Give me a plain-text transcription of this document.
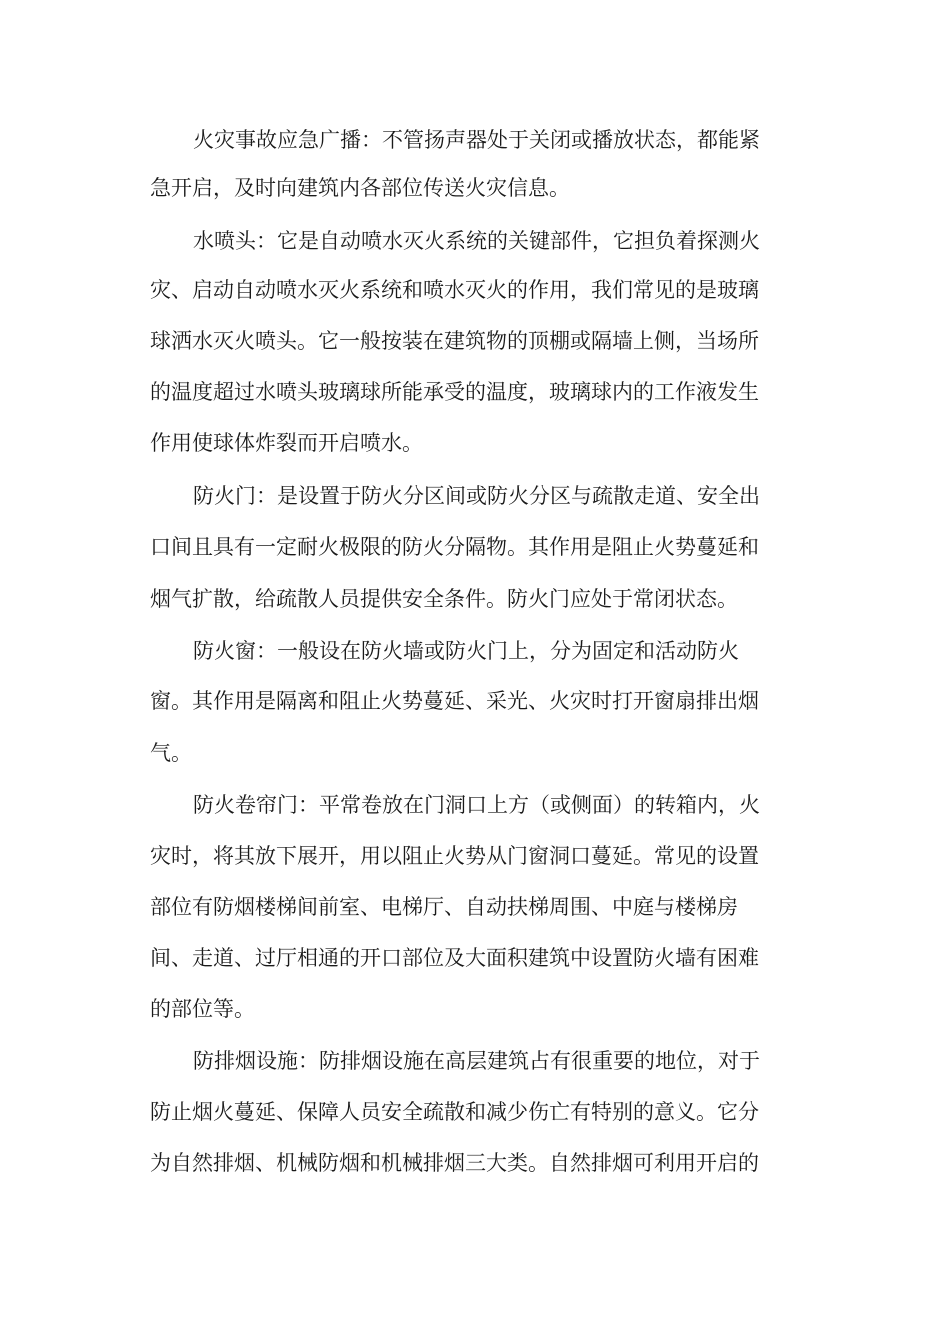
火灾事故应急广播：不管扬声器处于关闭或播放状态，都能紧

急开启，及时向建筑内各部位传送火灾信息。

水喷头：它是自动喷水灭火系统的关键部件，它担负着探测火

灾、启动自动喷水灭火系统和喷水灭火的作用，我们常见的是玻璃

球洒水灭火喷头。它一般按装在建筑物的顶棚或隔墙上侧，当场所

的温度超过水喷头玻璃球所能承受的温度，玻璃球内的工作液发生

作用使球体炸裂而开启喷水。

防火门：是设置于防火分区间或防火分区与疏散走道、安全出

口间且具有一定耐火极限的防火分隔物。其作用是阻止火势蔓延和

烟气扩散，给疏散人员提供安全条件。防火门应处于常闭状态。

防火窗：一般设在防火墙或防火门上，分为固定和活动防火

窗。其作用是隔离和阻止火势蔓延、采光、火灾时打开窗扇排出烟

气。

防火卷帘门：平常卷放在门洞口上方（或侧面）的转箱内，火

灾时，将其放下展开，用以阻止火势从门窗洞口蔓延。常见的设置

部位有防烟楼梯间前室、电梯厅、自动扶梯周围、中庭与楼梯房

间、走道、过厅相通的开口部位及大面积建筑中设置防火墙有困难

的部位等。

防排烟设施：防排烟设施在高层建筑占有很重要的地位，对于

防止烟火蔓延、保障人员安全疏散和减少伤亡有特别的意义。它分

为自然排烟、机械防烟和机械排烟三大类。自然排烟可利用开启的
